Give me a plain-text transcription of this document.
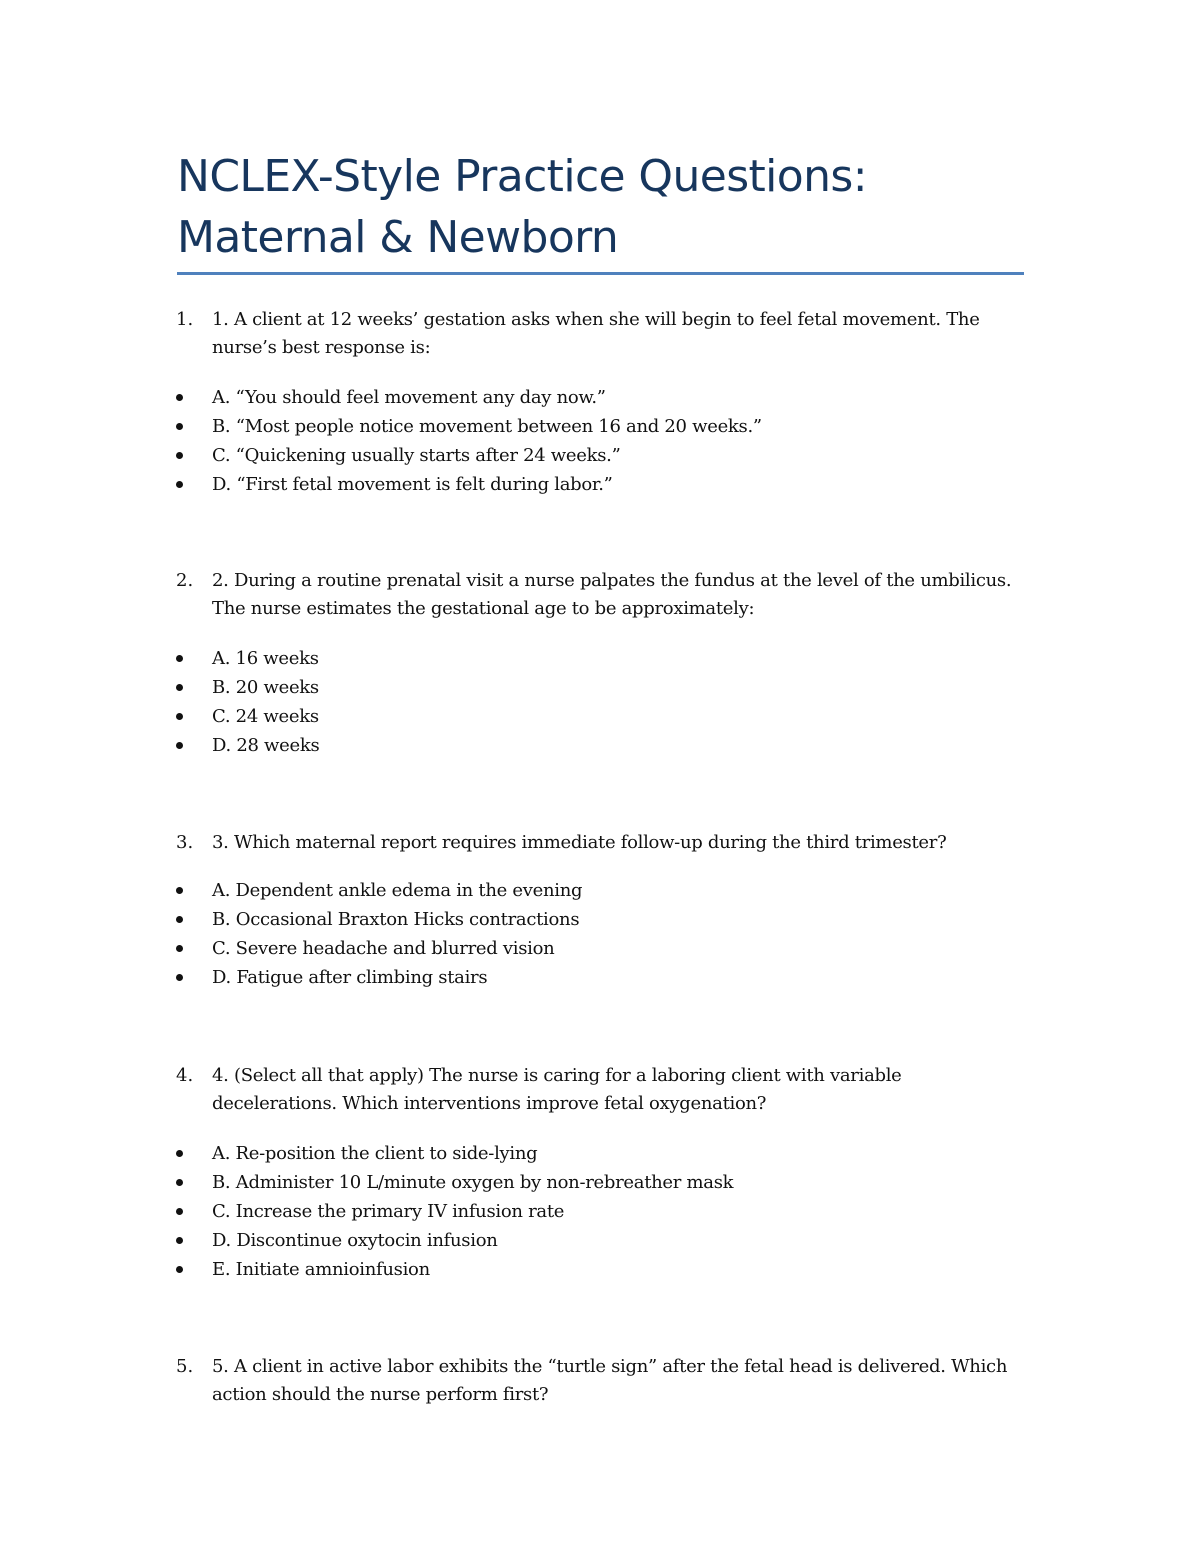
NCLEX-Style Practice Questions:
Maternal & Newborn
1. 1. A client at 12 weeks’ gestation asks when she will begin to feel fetal movement. The nurse’s best response is:
A. “You should feel movement any day now.”
B. “Most people notice movement between 16 and 20 weeks.”
C. “Quickening usually starts after 24 weeks.”
D. “First fetal movement is felt during labor.”
2. 2. During a routine prenatal visit a nurse palpates the fundus at the level of the umbilicus. The nurse estimates the gestational age to be approximately:
A. 16 weeks
B. 20 weeks
C. 24 weeks
D. 28 weeks
3. 3. Which maternal report requires immediate follow-up during the third trimester?
A. Dependent ankle edema in the evening
B. Occasional Braxton Hicks contractions
C. Severe headache and blurred vision
D. Fatigue after climbing stairs
4. 4. (Select all that apply) The nurse is caring for a laboring client with variable decelerations. Which interventions improve fetal oxygenation?
A. Re-position the client to side-lying
B. Administer 10 L/minute oxygen by non-rebreather mask
C. Increase the primary IV infusion rate
D. Discontinue oxytocin infusion
E. Initiate amnioinfusion
5. 5. A client in active labor exhibits the “turtle sign” after the fetal head is delivered. Which action should the nurse perform first?
